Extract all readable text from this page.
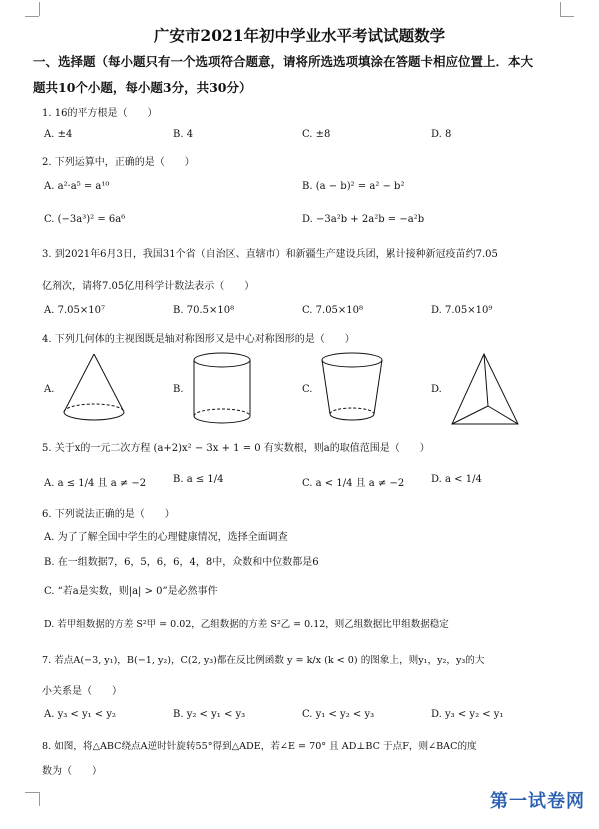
广安市2021年初中学业水平考试试题数学
一、选择题（每小题只有一个选项符合题意，请将所选选项填涂在答题卡相应位置上．本大
题共10个小题，每小题3分，共30分）
1. 16的平方根是（　　）
A. ±4	B. 4	C. ±8	D. 8
2. 下列运算中，正确的是（　　）
A. a²·a⁵ = a¹⁰	B. (a − b)² = a² − b²
C. (−3a³)² = 6a⁶	D. −3a²b + 2a²b = −a²b
3. 到2021年6月3日，我国31个省（自治区、直辖市）和新疆生产建设兵团，累计接种新冠疫苗约7.05
亿剂次，请将7.05亿用科学计数法表示（　　）
A. 7.05×10⁷	B. 70.5×10⁸	C. 7.05×10⁸	D. 7.05×10⁹
4. 下列几何体的主视图既是轴对称图形又是中心对称图形的是（　　）
A.	B.	C.	D.
5. 关于x的一元二次方程 (a+2)x² − 3x + 1 = 0 有实数根，则a的取值范围是（　　）
A. a ≤ 1/4 且 a ≠ −2	B. a ≤ 1/4	C. a < 1/4 且 a ≠ −2	D. a < 1/4
6. 下列说法正确的是（　　）
A. 为了了解全国中学生的心理健康情况，选择全面调查
B. 在一组数据7，6，5，6，6，4，8中，众数和中位数都是6
C. “若a是实数，则|a| > 0”是必然事件
D. 若甲组数据的方差 S²甲 = 0.02，乙组数据的方差 S²乙 = 0.12，则乙组数据比甲组数据稳定
7. 若点A(−3, y₁)，B(−1, y₂)，C(2, y₃)都在反比例函数 y = k/x (k < 0) 的图象上，则y₁，y₂，y₃的大
小关系是（　　）
A. y₃ < y₁ < y₂	B. y₂ < y₁ < y₃	C. y₁ < y₂ < y₃	D. y₃ < y₂ < y₁
8. 如图，将△ABC绕点A逆时针旋转55°得到△ADE，若∠E = 70° 且 AD⊥BC 于点F，则∠BAC的度
数为（　　）
第一试卷网
